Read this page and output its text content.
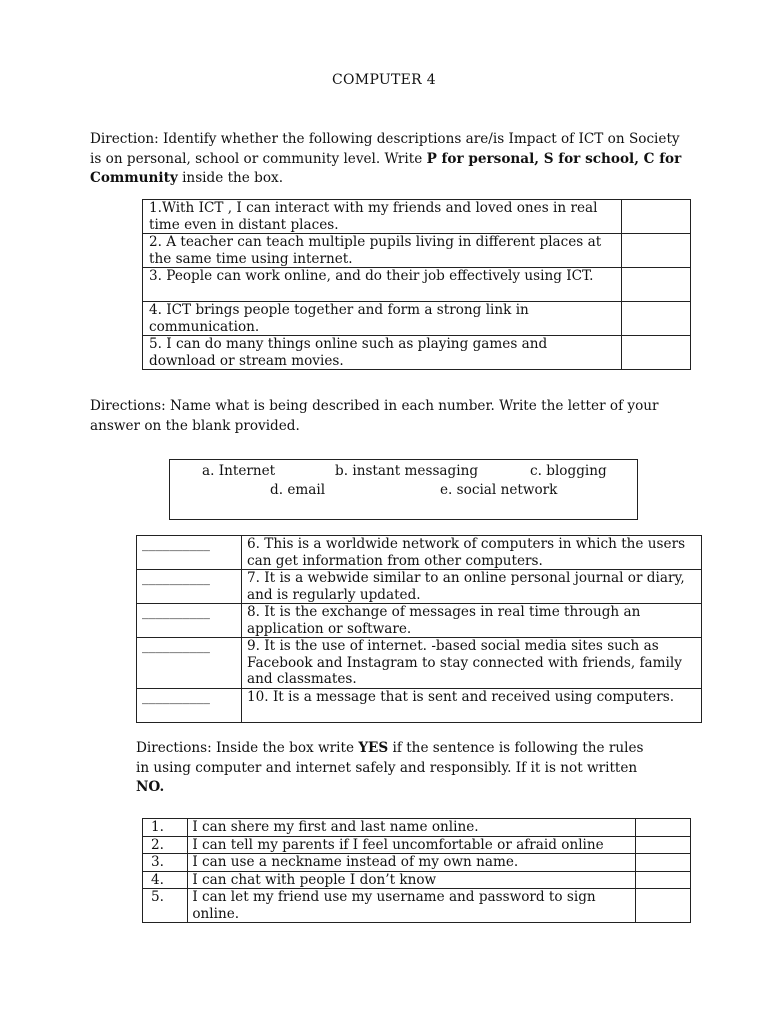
COMPUTER 4
Direction: Identify whether the following descriptions are/is Impact of ICT on Society is on personal, school or community level. Write P for personal, S for school, C for Community inside the box.
1.With ICT , I can interact with my friends and loved ones in real time even in distant places.	
2. A teacher can teach multiple pupils living in different places at the same time using internet.	
3. People can work online, and do their job effectively using ICT.	
4. ICT brings people together and form a strong link in communication.	
5. I can do many things online such as playing games and download or stream movies.	
Directions: Name what is being described in each number. Write the letter of your answer on the blank provided.
a. Internet	b. instant messaging	c. blogging
d. email	e. social network
__________	6. This is a worldwide network of computers in which the users can get information from other computers.
__________	7. It is a webwide similar to an online personal journal or diary, and is regularly updated.
__________	8. It is the exchange of messages in real time through an application or software.
__________	9. It is the use of internet. -based social media sites such as Facebook and Instagram to stay connected with friends, family and classmates.
__________	10. It is a message that is sent and received using computers.
Directions: Inside the box write YES if the sentence is following the rules in using computer and internet safely and responsibly. If it is not written NO.
1.	I can shere my first and last name online.	
2.	I can tell my parents if I feel uncomfortable or afraid online	
3.	I can use a neckname instead of my own name.	
4.	I can chat with people I don’t know	
5.	I can let my friend use my username and password to sign online.	
